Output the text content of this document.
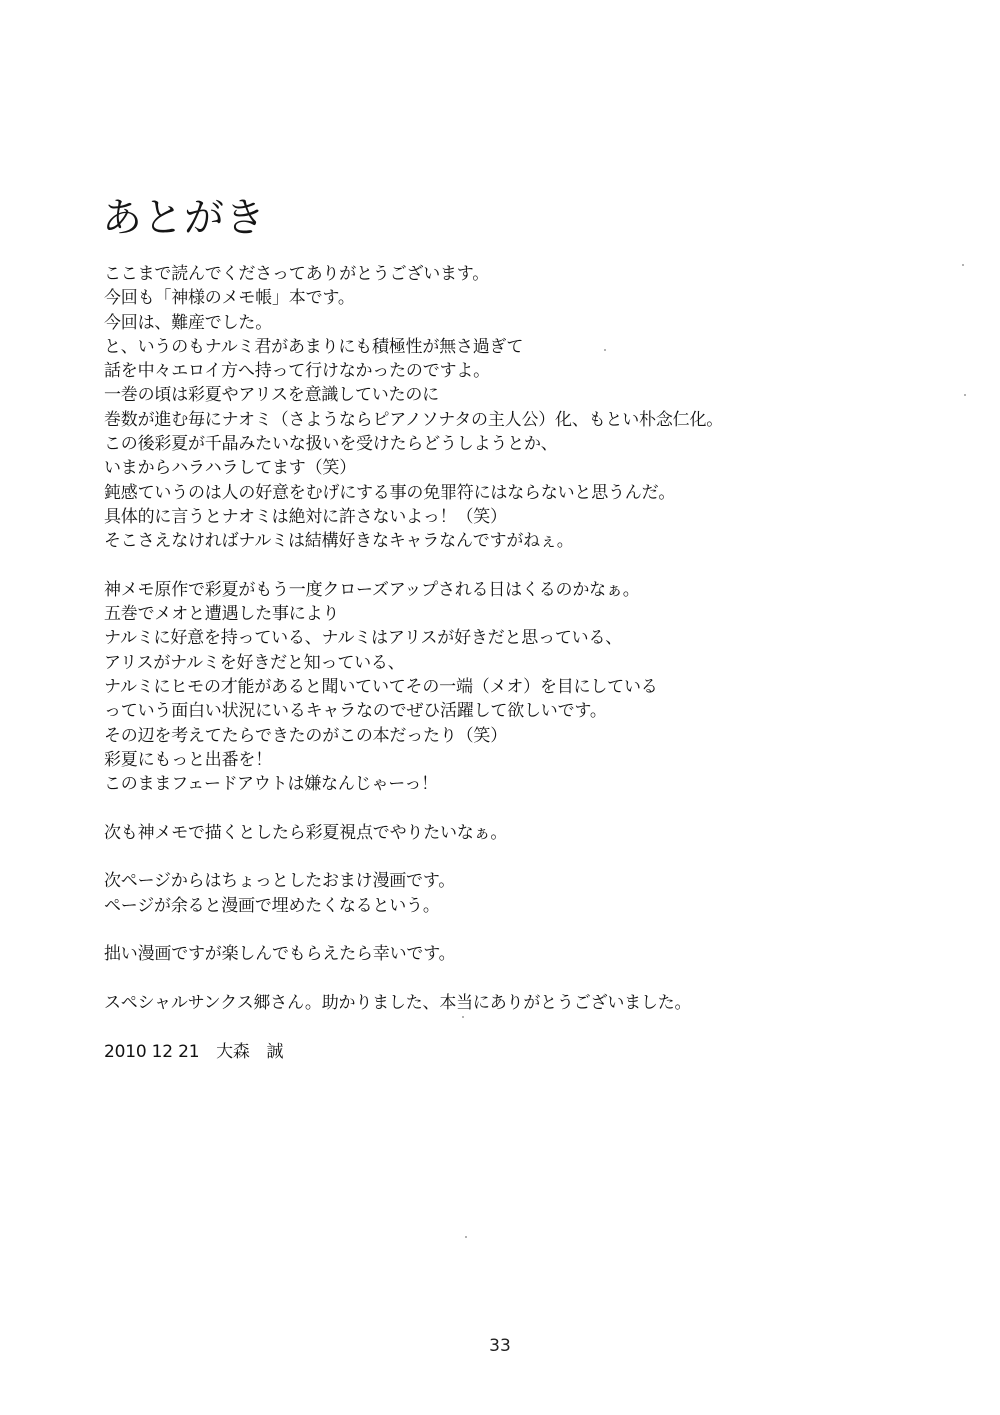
あとがき
ここまで読んでくださってありがとうございます。
今回も「神様のメモ帳」本です。
今回は、難産でした。
と、いうのもナルミ君があまりにも積極性が無さ過ぎて
話を中々エロイ方へ持って行けなかったのですよ。
一巻の頃は彩夏やアリスを意識していたのに
巻数が進む毎にナオミ（さようならピアノソナタの主人公）化、もとい朴念仁化。
この後彩夏が千晶みたいな扱いを受けたらどうしようとか、
いまからハラハラしてます（笑）
鈍感ていうのは人の好意をむげにする事の免罪符にはならないと思うんだ。
具体的に言うとナオミは絶対に許さないよっ！（笑）
そこさえなければナルミは結構好きなキャラなんですがねぇ。
神メモ原作で彩夏がもう一度クローズアップされる日はくるのかなぁ。
五巻でメオと遭遇した事により
ナルミに好意を持っている、ナルミはアリスが好きだと思っている、
アリスがナルミを好きだと知っている、
ナルミにヒモの才能があると聞いていてその一端（メオ）を目にしている
っていう面白い状況にいるキャラなのでぜひ活躍して欲しいです。
その辺を考えてたらできたのがこの本だったり（笑）
彩夏にもっと出番を！
このままフェードアウトは嫌なんじゃーっ！
次も神メモで描くとしたら彩夏視点でやりたいなぁ。
次ページからはちょっとしたおまけ漫画です。
ページが余ると漫画で埋めたくなるという。
拙い漫画ですが楽しんでもらえたら幸いです。
スペシャルサンクス郷さん。助かりました、本当にありがとうございました。
2010 12 21　大森　誠
33
